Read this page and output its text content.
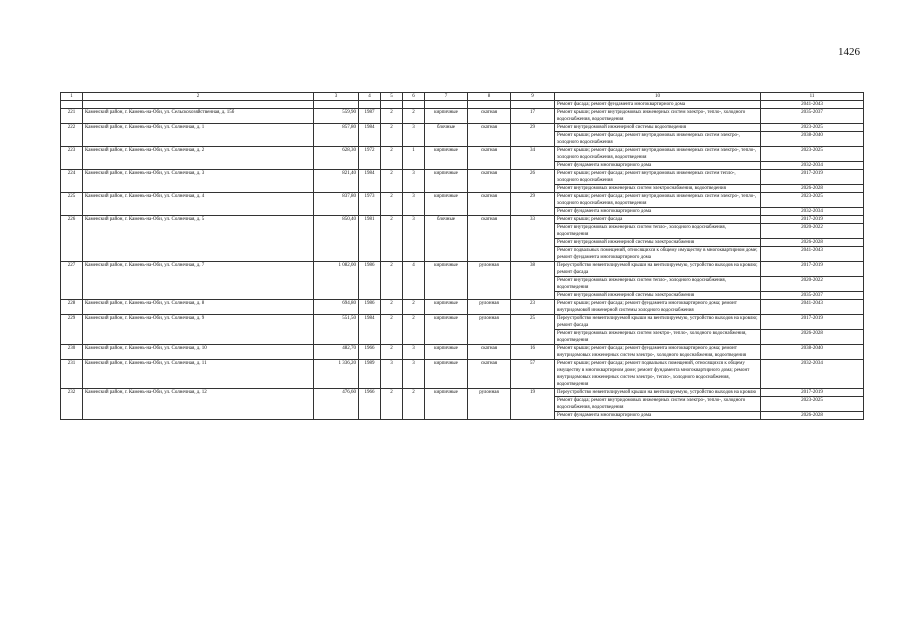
1426
1	2	3	4	5	6	7	8	9	10	11
									Ремонт фасада; ремонт фундамента многоквартирного дома	2041-2043
221	Каменский район, г. Камень-на-Оби, ул. Сельскохозяйственная, д. 15б	559,90	1987	2	2	кирпичные	скатная	17	Ремонт крыши; ремонт внутридомовых инженерных систем электро-, тепло-, холодного водоснабжения, водоотведения	2035-2037
222	Каменский район, г. Камень-на-Оби, ул. Солнечная, д. 1	857,80	1984	2	3	блочные	скатная	29	Ремонт внутридомовой инженерной системы водоотведения	2023-2025
									Ремонт крыши; ремонт фасада; ремонт внутридомовых инженерных систем электро-, холодного водоснабжения	2038-2040
223	Каменский район, г. Камень-на-Оби, ул. Солнечная, д. 2	628,30	1972	2	1	кирпичные	скатная	34	Ремонт крыши; ремонт фасада; ремонт внутридомовых инженерных систем электро-, тепло-, холодного водоснабжения, водоотведения	2023-2025
									Ремонт фундамента многоквартирного дома	2032-2034
224	Каменский район, г. Камень-на-Оби, ул. Солнечная, д. 3	821,40	1984	2	3	кирпичные	скатная	26	Ремонт крыши; ремонт фасада; ремонт внутридомовых инженерных систем тепло-, холодного водоснабжения	2017-2019
									Ремонт внутридомовых инженерных систем электроснабжения, водоотведения	2026-2028
225	Каменский район, г. Камень-на-Оби, ул. Солнечная, д. 4	837,80	1973	2	3	кирпичные	скатная	29	Ремонт крыши; ремонт фасада; ремонт внутридомовых инженерных систем электро-, тепло-, холодного водоснабжения, водоотведения	2023-2025
									Ремонт фундамента многоквартирного дома	2032-2034
226	Каменский район, г. Камень-на-Оби, ул. Солнечная, д. 5	850,40	1981	2	3	блочные	скатная	33	Ремонт крыши; ремонт фасада	2017-2019
									Ремонт внутридомовых инженерных систем тепло-, холодного водоснабжения, водоотведения	2020-2022
									Ремонт внутридомовой инженерной системы электроснабжения	2026-2028
									Ремонт подвальных помещений, относящихся к общему имуществу в многоквартирном доме; ремонт фундамента многоквартирного дома	2041-2043
227	Каменский район, г. Камень-на-Оби, ул. Солнечная, д. 7	1 082,00	1986	2	4	кирпичные	рулонная	38	Переустройство невентилируемой крыши на вентилируемую, устройство выходов на кровлю; ремонт фасада	2017-2019
									Ремонт внутридомовых инженерных систем тепло-, холодного водоснабжения, водоотведения	2020-2022
									Ремонт внутридомовой инженерной системы электроснабжения	2035-2037
228	Каменский район, г. Камень-на-Оби, ул. Солнечная, д. 8	694,80	1986	2	2	кирпичные	рулонная	23	Ремонт крыши; ремонт фасада; ремонт фундамента многоквартирного дома; ремонт внутридомовой инженерной системы холодного водоснабжения	2041-2043
229	Каменский район, г. Камень-на-Оби, ул. Солнечная, д. 9	551,50	1984	2	2	кирпичные	рулонная	25	Переустройство невентилируемой крыши на вентилируемую, устройство выходов на кровлю; ремонт фасада	2017-2019
									Ремонт внутридомовых инженерных систем электро-, тепло-, холодного водоснабжения, водоотведения	2026-2028
230	Каменский район, г. Камень-на-Оби, ул. Солнечная, д. 10	482,70	1966	2	3	кирпичные	скатная	16	Ремонт крыши; ремонт фасада; ремонт фундамента многоквартирного дома; ремонт внутридомовых инженерных систем электро-, холодного водоснабжения, водоотведения	2038-2040
231	Каменский район, г. Камень-на-Оби, ул. Солнечная, д. 11	1 336,20	1989	3	3	кирпичные	скатная	57	Ремонт крыши; ремонт фасада; ремонт подвальных помещений, относящихся к общему имуществу в многоквартирном доме; ремонт фундамента многоквартирного дома; ремонт внутридомовых инженерных систем электро-, тепло-, холодного водоснабжения, водоотведения	2032-2034
232	Каменский район, г. Камень-на-Оби, ул. Солнечная, д. 12	476,60	1966	2	2	кирпичные	рулонная	19	Переустройство невентилируемой крыши на вентилируемую, устройство выходов на кровлю	2017-2019
									Ремонт фасада; ремонт внутридомовых инженерных систем электро-, тепло-, холодного водоснабжения, водоотведения	2023-2025
									Ремонт фундамента многоквартирного дома	2026-2028
